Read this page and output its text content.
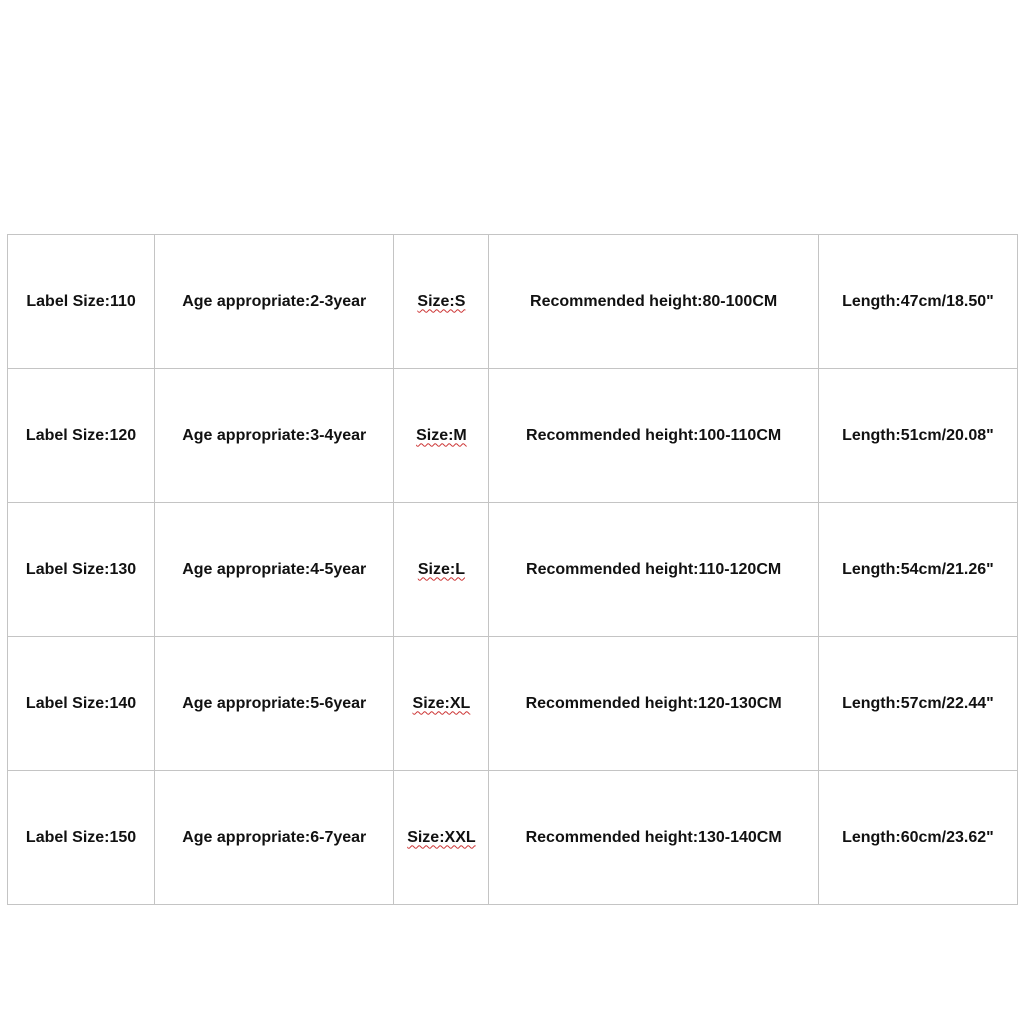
Label Size:110	Age appropriate:2-3year	Size:S	Recommended height:80-100CM	Length:47cm/18.50"
Label Size:120	Age appropriate:3-4year	Size:M	Recommended height:100-110CM	Length:51cm/20.08"
Label Size:130	Age appropriate:4-5year	Size:L	Recommended height:110-120CM	Length:54cm/21.26"
Label Size:140	Age appropriate:5-6year	Size:XL	Recommended height:120-130CM	Length:57cm/22.44"
Label Size:150	Age appropriate:6-7year	Size:XXL	Recommended height:130-140CM	Length:60cm/23.62"
